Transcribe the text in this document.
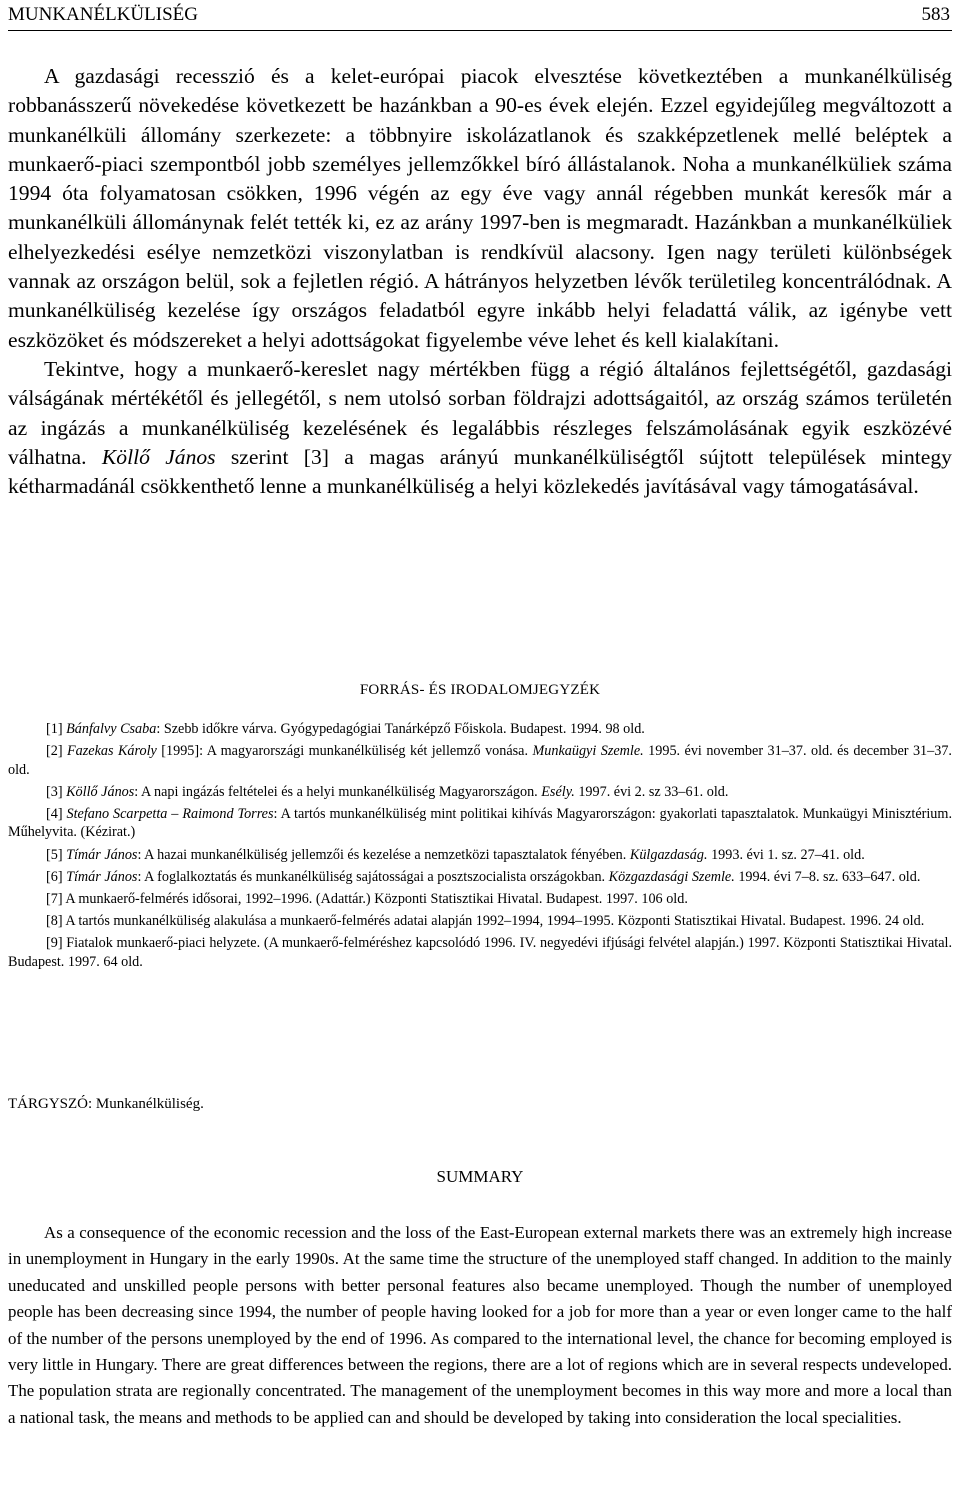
MUNKANÉLKÜLISÉG	583

A gazdasági recesszió és a kelet-európai piacok elvesztése következtében a munkanélküliség robbanásszerű növekedése következett be hazánkban a 90-es évek elején. Ezzel egyidejűleg megváltozott a munkanélküli állomány szerkezete: a többnyire iskolázatlanok és szakképzetlenek mellé beléptek a munkaerő-piaci szempontból jobb személyes jellemzőkkel bíró állástalanok. Noha a munkanélküliek száma 1994 óta folyamatosan csökken, 1996 végén az egy éve vagy annál régebben munkát keresők már a munkanélküli állománynak felét tették ki, ez az arány 1997-ben is megmaradt. Hazánkban a munkanélküliek elhelyezkedési esélye nemzetközi viszonylatban is rendkívül alacsony. Igen nagy területi különbségek vannak az országon belül, sok a fejletlen régió. A hátrányos helyzetben lévők területileg koncentrálódnak. A munkanélküliség kezelése így országos feladatból egyre inkább helyi feladattá válik, az igénybe vett eszközöket és módszereket a helyi adottságokat figyelembe véve lehet és kell kialakítani.

Tekintve, hogy a munkaerő-kereslet nagy mértékben függ a régió általános fejlettségétől, gazdasági válságának mértékétől és jellegétől, s nem utolsó sorban földrajzi adottságaitól, az ország számos területén az ingázás a munkanélküliség kezelésének és legalábbis részleges felszámolásának egyik eszközévé válhatna. Köllő János szerint [3] a magas arányú munkanélküliségtől sújtott települések mintegy kétharmadánál csökkenthető lenne a munkanélküliség a helyi közlekedés javításával vagy támogatásával.

FORRÁS- ÉS IRODALOMJEGYZÉK

[1] Bánfalvy Csaba: Szebb időkre várva. Gyógypedagógiai Tanárképző Főiskola. Budapest. 1994. 98 old.

[2] Fazekas Károly [1995]: A magyarországi munkanélküliség két jellemző vonása. Munkaügyi Szemle. 1995. évi november 31–37. old. és december 31–37. old.

[3] Köllő János: A napi ingázás feltételei és a helyi munkanélküliség Magyarországon. Esély. 1997. évi 2. sz 33–61. old.

[4] Stefano Scarpetta – Raimond Torres: A tartós munkanélküliség mint politikai kihívás Magyarországon: gyakorlati tapasztalatok. Munkaügyi Minisztérium. Műhelyvita. (Kézirat.)

[5] Tímár János: A hazai munkanélküliség jellemzői és kezelése a nemzetközi tapasztalatok fényében. Külgazdaság. 1993. évi 1. sz. 27–41. old.

[6] Tímár János: A foglalkoztatás és munkanélküliség sajátosságai a posztszocialista országokban. Közgazdasági Szemle. 1994. évi 7–8. sz. 633–647. old.

[7] A munkaerő-felmérés idősorai, 1992–1996. (Adattár.) Központi Statisztikai Hivatal. Budapest. 1997. 106 old.

[8] A tartós munkanélküliség alakulása a munkaerő-felmérés adatai alapján 1992–1994, 1994–1995. Központi Statisztikai Hivatal. Budapest. 1996. 24 old.

[9] Fiatalok munkaerő-piaci helyzete. (A munkaerő-felméréshez kapcsolódó 1996. IV. negyedévi ifjúsági felvétel alapján.) 1997. Központi Statisztikai Hivatal. Budapest. 1997. 64 old.

TÁRGYSZÓ: Munkanélküliség.
SUMMARY

As a consequence of the economic recession and the loss of the East-European external markets there was an extremely high increase in unemployment in Hungary in the early 1990s. At the same time the structure of the unemployed staff changed. In addition to the mainly uneducated and unskilled people persons with better personal features also became unemployed. Though the number of unemployed people has been decreasing since 1994, the number of people having looked for a job for more than a year or even longer came to the half of the number of the persons unemployed by the end of 1996. As compared to the international level, the chance for becoming employed is very little in Hungary. There are great differences between the regions, there are a lot of regions which are in several respects undeveloped. The population strata are regionally concentrated. The management of the unemployment becomes in this way more and more a local than a national task, the means and methods to be applied can and should be developed by taking into consideration the local specialities.
